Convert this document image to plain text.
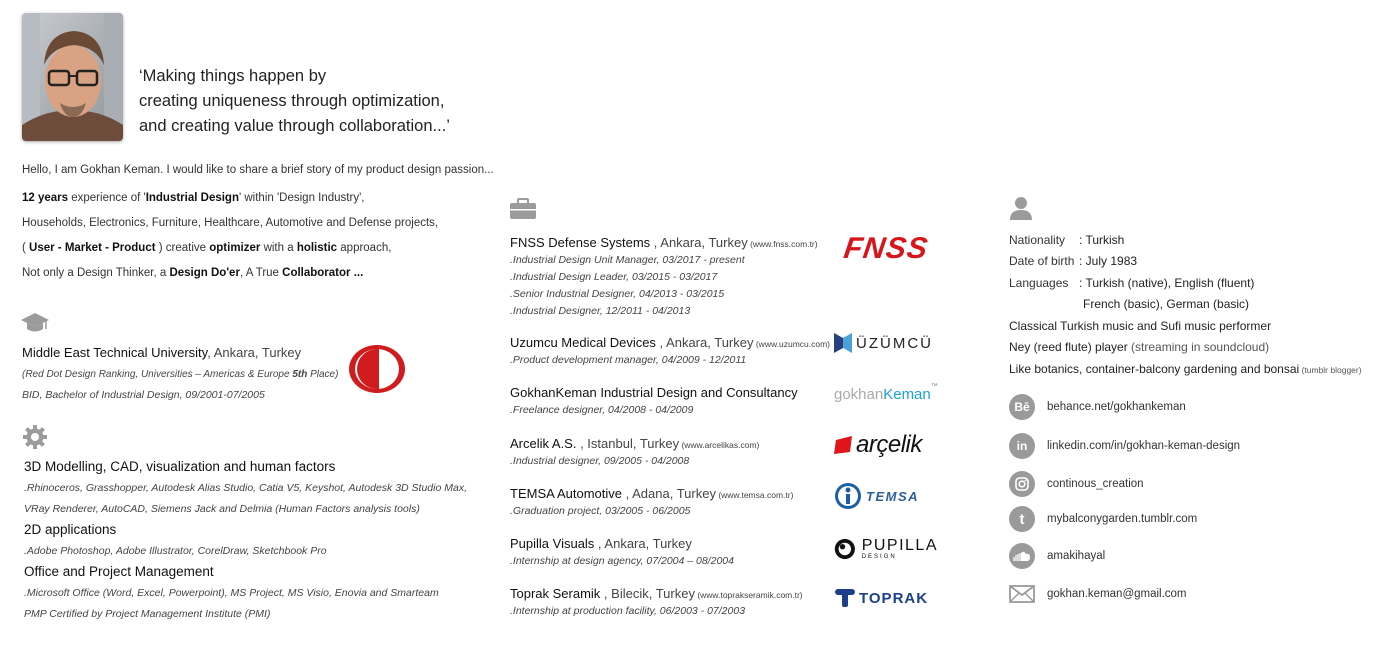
‘Making things happen by
creating uniqueness through optimization,
and creating value through collaboration...’
Hello, I am Gokhan Keman. I would like to share a brief story of my product design passion...
12 years experience of 'Industrial Design' within 'Design Industry',
Households, Electronics, Furniture, Healthcare, Automotive and Defense projects,
( User - Market - Product ) creative optimizer with a holistic approach,
Not only a Design Thinker, a Design Do'er, A True Collaborator ...
Middle East Technical University, Ankara, Turkey
(Red Dot Design Ranking, Universities – Americas & Europe 5th Place)
BID, Bachelor of Industrial Design, 09/2001-07/2005
3D Modelling, CAD, visualization and human factors
.Rhinoceros, Grasshopper, Autodesk Alias Studio, Catia V5, Keyshot, Autodesk 3D Studio Max,
VRay Renderer, AutoCAD, Siemens Jack and Delmia (Human Factors analysis tools)
2D applications
.Adobe Photoshop, Adobe Illustrator, CorelDraw, Sketchbook Pro
Office and Project Management
.Microsoft Office (Word, Excel, Powerpoint), MS Project, MS Visio, Enovia and Smarteam
PMP Certified by Project Management Institute (PMI)
FNSS Defense Systems , Ankara, Turkey (www.fnss.com.tr)
.Industrial Design Unit Manager, 03/2017 - present
.Industrial Design Leader, 03/2015 - 03/2017
.Senior Industrial Designer, 04/2013 - 03/2015
.Industrial Designer, 12/2011 - 04/2013
FNSS
Uzumcu Medical Devices , Ankara, Turkey (www.uzumcu.com)
.Product development manager, 04/2009 - 12/2011
ÜZÜMCÜ
GokhanKeman Industrial Design and Consultancy
.Freelance designer, 04/2008 - 04/2009
gokhan Keman ™
Arcelik A.S. , Istanbul, Turkey (www.arcelikas.com)
.Industrial designer, 09/2005 - 04/2008
arçelik
TEMSA Automotive , Adana, Turkey (www.temsa.com.tr)
.Graduation project, 03/2005 - 06/2005
TEMSA
Pupilla Visuals , Ankara, Turkey
.Internship at design agency, 07/2004 – 08/2004
PUPILLA
DESIGN
Toprak Seramik , Bilecik, Turkey (www.toprakseramik.com.tr)
.Internship at production facility, 06/2003 - 07/2003
TOPRAK
Nationality : Turkish
Date of birth : July 1983
Languages : Turkish (native), English (fluent)
French (basic), German (basic)
Classical Turkish music and Sufi music performer
Ney (reed flute) player (streaming in soundcloud)
Like botanics, container-balcony gardening and bonsai (tumblr blogger)
Bē	behance.net/gokhankeman
in	linkedin.com/in/gokhan-keman-design
continous_creation
t	mybalconygarden.tumblr.com
amakihayal
gokhan.keman@gmail.com
